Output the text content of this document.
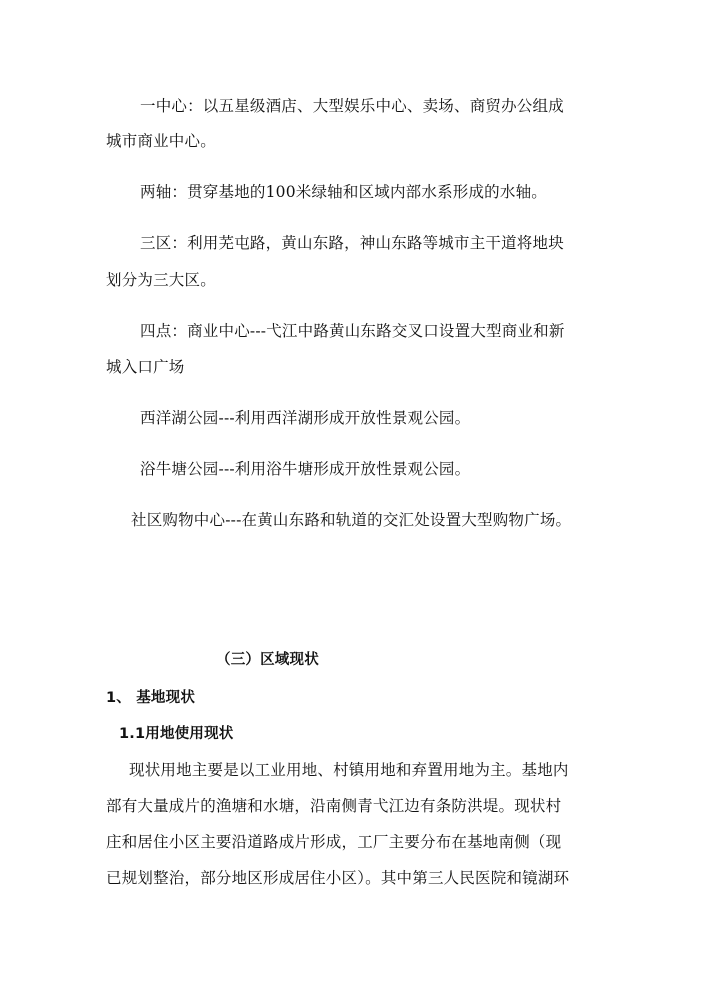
一中心：以五星级酒店、大型娱乐中心、卖场、商贸办公组成
城市商业中心。
两轴：贯穿基地的100米绿轴和区域内部水系形成的水轴。
三区：利用芜屯路，黄山东路，神山东路等城市主干道将地块
划分为三大区。
四点：商业中心---弋江中路黄山东路交叉口设置大型商业和新
城入口广场
西洋湖公园---利用西洋湖形成开放性景观公园。
浴牛塘公园---利用浴牛塘形成开放性景观公园。
社区购物中心---在黄山东路和轨道的交汇处设置大型购物广场。
（三）区域现状
1、 基地现状
1.1用地使用现状
现状用地主要是以工业用地、村镇用地和弃置用地为主。基地内
部有大量成片的渔塘和水塘，沿南侧青弋江边有条防洪堤。现状村
庄和居住小区主要沿道路成片形成，工厂主要分布在基地南侧（现
已规划整治，部分地区形成居住小区）。其中第三人民医院和镜湖环
